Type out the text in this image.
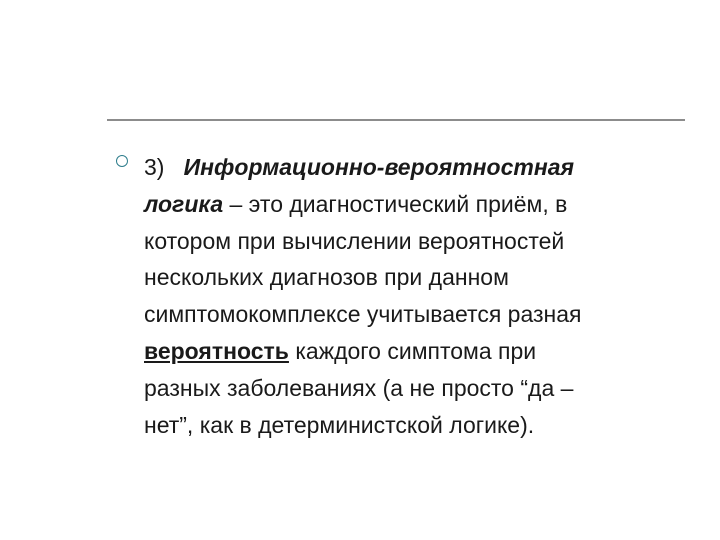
3) Информационно-вероятностная
логика – это диагностический приём, в
котором при вычислении вероятностей
нескольких диагнозов при данном
симптомокомплексе учитывается разная
вероятность каждого симптома при
разных заболеваниях (а не просто “да –
нет”, как в детерминистской логике).
